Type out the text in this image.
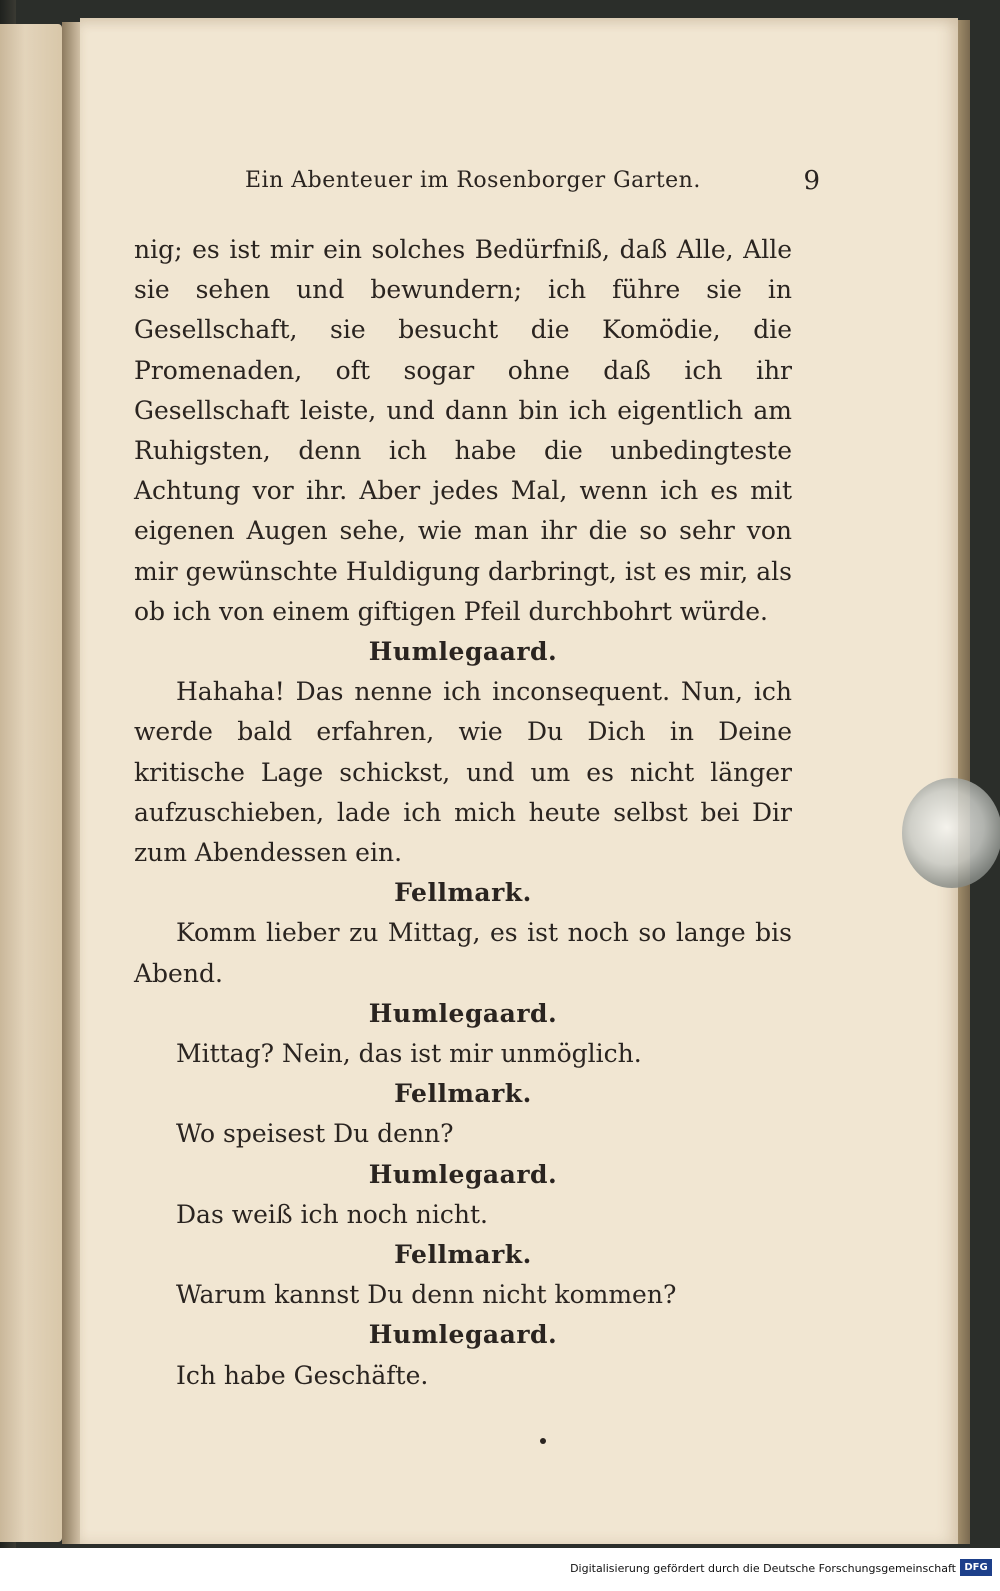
Ein Abenteuer im Rosenborger Garten.	9

nig; es ist mir ein solches Bedürfniß, daß Alle, Alle sie sehen und bewundern; ich führe sie in Gesellschaft, sie besucht die Komödie, die Promenaden, oft sogar ohne daß ich ihr Gesellschaft leiste, und dann bin ich eigentlich am Ruhigsten, denn ich habe die unbedingteste Achtung vor ihr. Aber jedes Mal, wenn ich es mit eigenen Augen sehe, wie man ihr die so sehr von mir gewünschte Huldigung darbringt, ist es mir, als ob ich von einem giftigen Pfeil durchbohrt würde.

Humlegaard.

Hahaha! Das nenne ich inconsequent. Nun, ich werde bald erfahren, wie Du Dich in Deine kritische Lage schickst, und um es nicht länger aufzuschieben, lade ich mich heute selbst bei Dir zum Abendessen ein.

Fellmark.

Komm lieber zu Mittag, es ist noch so lange bis Abend.

Humlegaard.

Mittag? Nein, das ist mir unmöglich.

Fellmark.

Wo speisest Du denn?

Humlegaard.

Das weiß ich noch nicht.

Fellmark.

Warum kannst Du denn nicht kommen?

Humlegaard.

Ich habe Geschäfte.

Digitalisierung gefördert durch die Deutsche Forschungsgemeinschaft DFG
